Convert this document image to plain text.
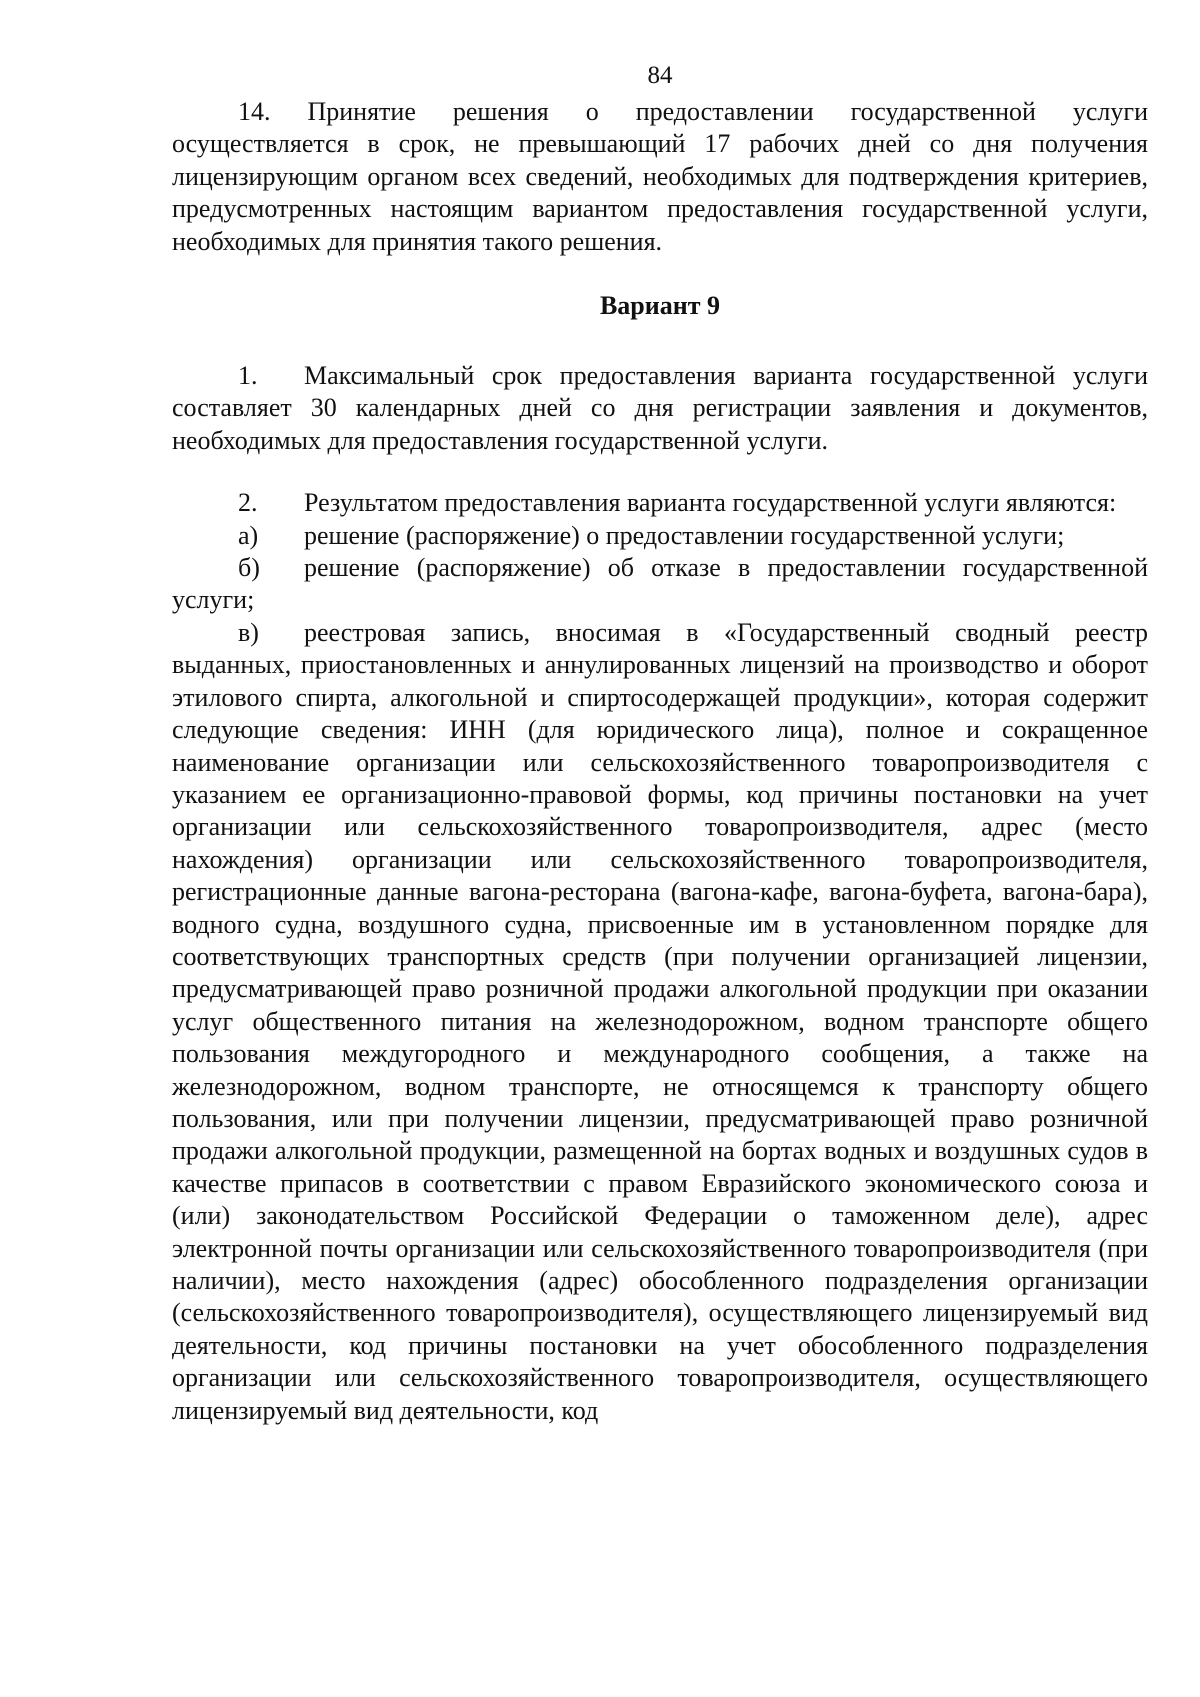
84

14. Принятие решения о предоставлении государственной услуги осуществляется в срок, не превышающий 17 рабочих дней со дня получения лицензирующим органом всех сведений, необходимых для подтверждения критериев, предусмотренных настоящим вариантом предоставления государственной услуги, необходимых для принятия такого решения.

Вариант 9

1. Максимальный срок предоставления варианта государственной услуги составляет 30 календарных дней со дня регистрации заявления и документов, необходимых для предоставления государственной услуги.

2. Результатом предоставления варианта государственной услуги являются:

а) решение (распоряжение) о предоставлении государственной услуги;

б) решение (распоряжение) об отказе в предоставлении государственной услуги;

в) реестровая запись, вносимая в «Государственный сводный реестр выданных, приостановленных и аннулированных лицензий на производство и оборот этилового спирта, алкогольной и спиртосодержащей продукции», которая содержит следующие сведения: ИНН (для юридического лица), полное и сокращенное наименование организации или сельскохозяйственного товаропроизводителя с указанием ее организационно-правовой формы, код причины постановки на учет организации или сельскохозяйственного товаропроизводителя, адрес (место нахождения) организации или сельскохозяйственного товаропроизводителя, регистрационные данные вагона-ресторана (вагона-кафе, вагона-буфета, вагона-бара), водного судна, воздушного судна, присвоенные им в установленном порядке для соответствующих транспортных средств (при получении организацией лицензии, предусматривающей право розничной продажи алкогольной продукции при оказании услуг общественного питания на железнодорожном, водном транспорте общего пользования междугородного и международного сообщения, а также на железнодорожном, водном транспорте, не относящемся к транспорту общего пользования, или при получении лицензии, предусматривающей право розничной продажи алкогольной продукции, размещенной на бортах водных и воздушных судов в качестве припасов в соответствии с правом Евразийского экономического союза и (или) законодательством Российской Федерации о таможенном деле), адрес электронной почты организации или сельскохозяйственного товаропроизводителя (при наличии), место нахождения (адрес) обособленного подразделения организации (сельскохозяйственного товаропроизводителя), осуществляющего лицензируемый вид деятельности, код причины постановки на учет обособленного подразделения организации или сельскохозяйственного товаропроизводителя, осуществляющего лицензируемый вид деятельности, код
